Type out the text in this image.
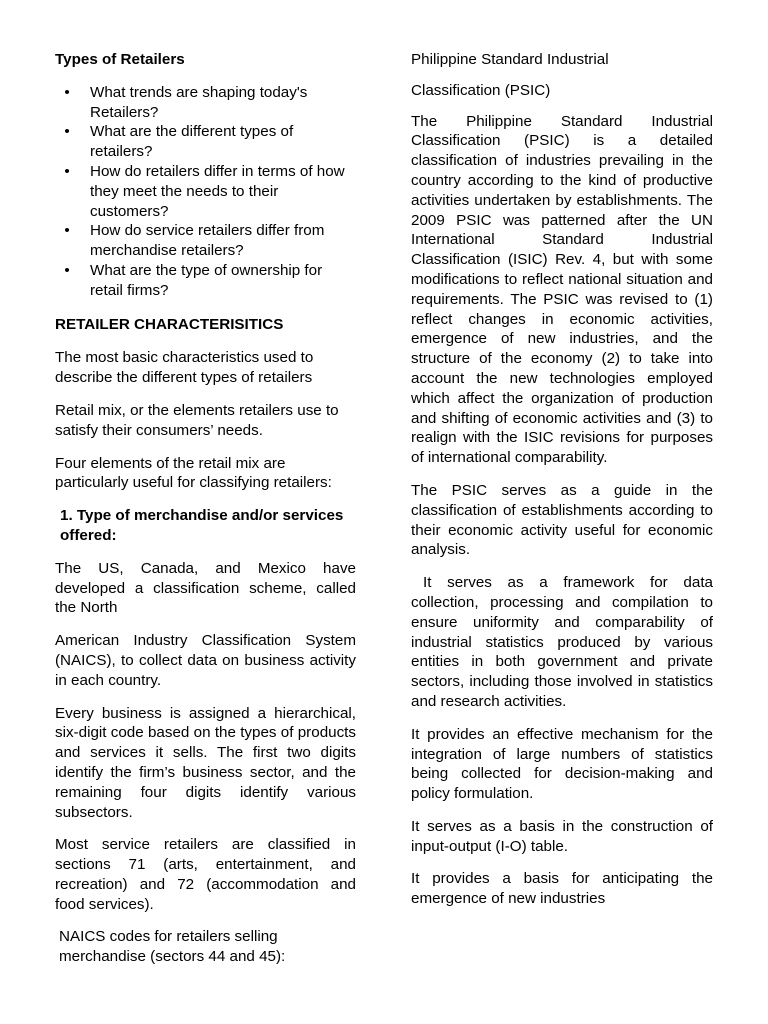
Types of Retailers

• What trends are shaping today's Retailers?
• What are the different types of retailers?
• How do retailers differ in terms of how they meet the needs to their customers?
• How do service retailers differ from merchandise retailers?
• What are the type of ownership for retail firms?

RETAILER CHARACTERISITICS

The most basic characteristics used to describe the different types of retailers

Retail mix, or the elements retailers use to satisfy their consumers’ needs.

Four elements of the retail mix are particularly useful for classifying retailers:

1. Type of merchandise and/or services offered:

The US, Canada, and Mexico have developed a classification scheme, called the North

American Industry Classification System (NAICS), to collect data on business activity in each country.

Every business is assigned a hierarchical, six-digit code based on the types of products and services it sells. The first two digits identify the firm’s business sector, and the remaining four digits identify various subsectors.

Most service retailers are classified in sections 71 (arts, entertainment, and recreation) and 72 (accommodation and food services).

NAICS codes for retailers selling merchandise (sectors 44 and 45):

Philippine Standard Industrial

Classification (PSIC)

The Philippine Standard Industrial Classification (PSIC) is a detailed classification of industries prevailing in the country according to the kind of productive activities undertaken by establishments. The 2009 PSIC was patterned after the UN International Standard Industrial Classification (ISIC) Rev. 4, but with some modifications to reflect national situation and requirements. The PSIC was revised to (1) reflect changes in economic activities, emergence of new industries, and the structure of the economy (2) to take into account the new technologies employed which affect the organization of production and shifting of economic activities and (3) to realign with the ISIC revisions for purposes of international comparability.

The PSIC serves as a guide in the classification of establishments according to their economic activity useful for economic analysis.

It serves as a framework for data collection, processing and compilation to ensure uniformity and comparability of industrial statistics produced by various entities in both government and private sectors, including those involved in statistics and research activities.

It provides an effective mechanism for the integration of large numbers of statistics being collected for decision-making and policy formulation.

It serves as a basis in the construction of input-output (I-O) table.

It provides a basis for anticipating the emergence of new industries
